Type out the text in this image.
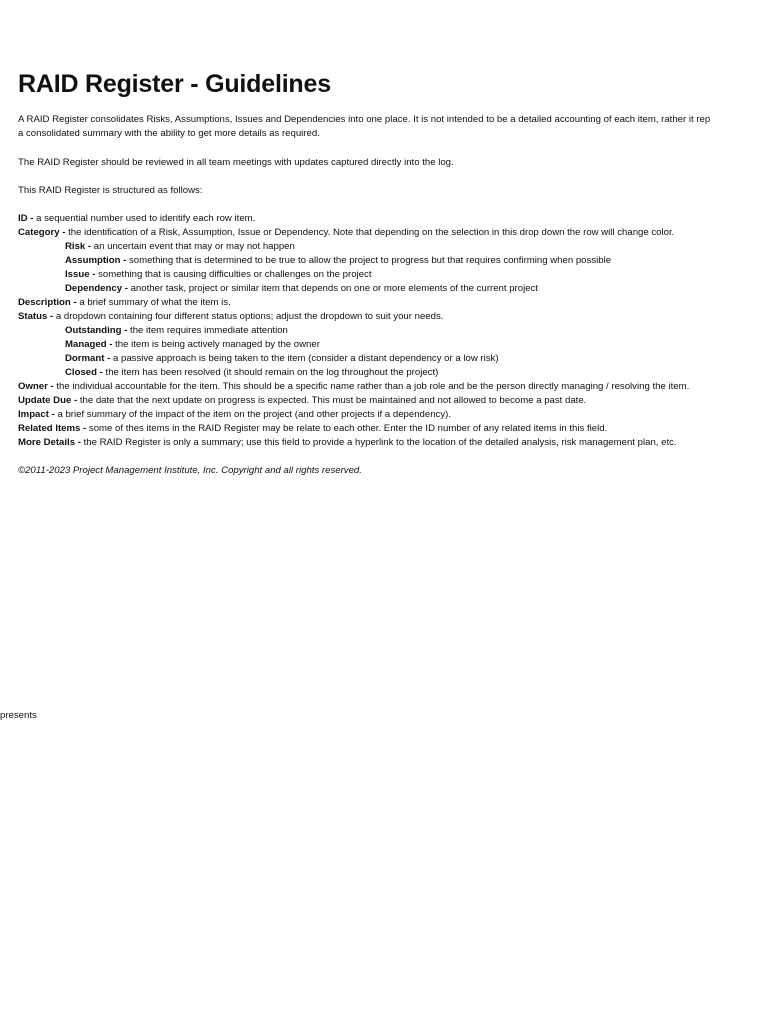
RAID Register - Guidelines
A RAID Register consolidates Risks, Assumptions, Issues and Dependencies into one place. It is not intended to be a detailed accounting of each item, rather it rep
a consolidated summary with the ability to get more details as required.
The RAID Register should be reviewed in all team meetings with updates captured directly into the log.
This RAID Register is structured as follows:
ID - a sequential number used to identify each row item.
Category - the identification of a Risk, Assumption, Issue or Dependency. Note that depending on the selection in this drop down the row will change color.
Risk - an uncertain event that may or may not happen
Assumption - something that is determined to be true to allow the project to progress but that requires confirming when possible
Issue - something that is causing difficulties or challenges on the project
Dependency - another task, project or similar item that depends on one or more elements of the current project
Description - a brief summary of what the item is.
Status - a dropdown containing four different status options; adjust the dropdown to suit your needs.
Outstanding - the item requires immediate attention
Managed - the item is being actively managed by the owner
Dormant - a passive approach is being taken to the item (consider a distant dependency or a low risk)
Closed - the item has been resolved (it should remain on the log throughout the project)
Owner - the individual accountable for the item. This should be a specific name rather than a job role and be the person directly managing / resolving the item.
Update Due - the date that the next update on progress is expected. This must be maintained and not allowed to become a past date.
Impact - a brief summary of the impact of the item on the project (and other projects if a dependency).
Related Items - some of thes items in the RAID Register may be relate to each other. Enter the ID number of any related items in this field.
More Details - the RAID Register is only a summary; use this field to provide a hyperlink to the location of the detailed analysis, risk management plan, etc.
©2011-2023 Project Management Institute, Inc. Copyright and all rights reserved.
presents
